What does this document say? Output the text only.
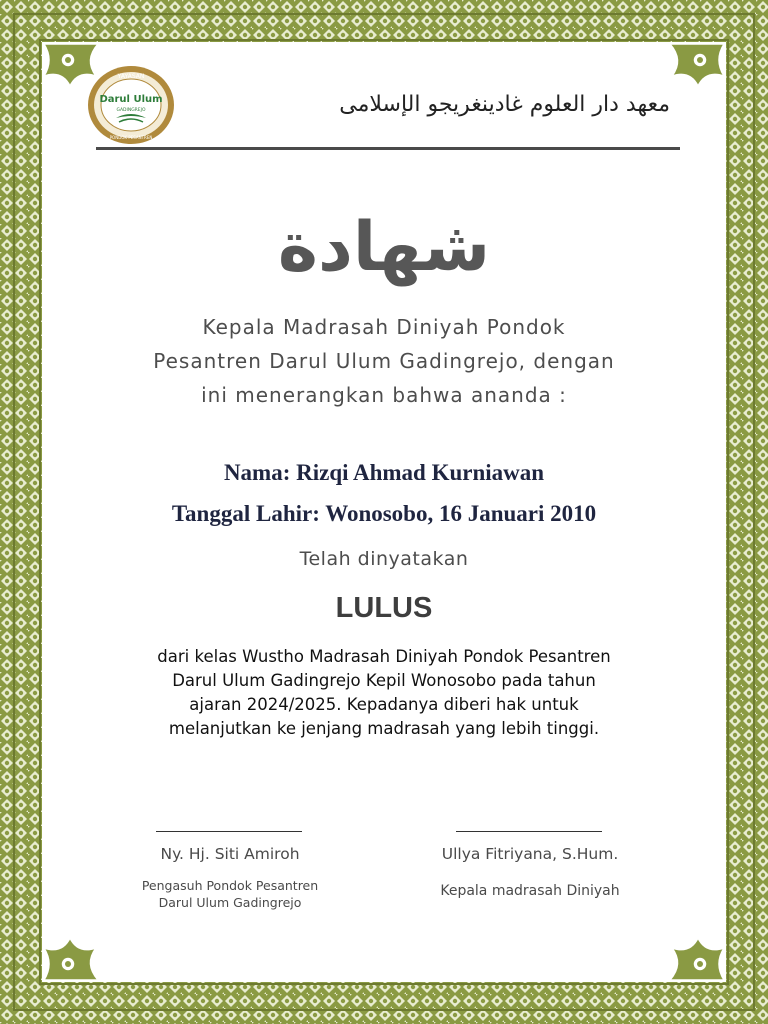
YAYASAN
Darul Ulum
GADINGREJO
PONDOK PESANTREN
معهد دار العلوم غادينغريجو الإسلامى
شهادة
Kepala Madrasah Diniyah Pondok
Pesantren Darul Ulum Gadingrejo, dengan
ini menerangkan bahwa ananda :
Nama: Rizqi Ahmad Kurniawan
Tanggal Lahir: Wonosobo, 16 Januari 2010
Telah dinyatakan
LULUS
dari kelas Wustho Madrasah Diniyah Pondok Pesantren
Darul Ulum Gadingrejo Kepil Wonosobo pada tahun
ajaran 2024/2025. Kepadanya diberi hak untuk
melanjutkan ke jenjang madrasah yang lebih tinggi.
Ny. Hj. Siti Amiroh	Ullya Fitriyana, S.Hum.
Pengasuh Pondok Pesantren
Darul Ulum Gadingrejo
Kepala madrasah Diniyah
